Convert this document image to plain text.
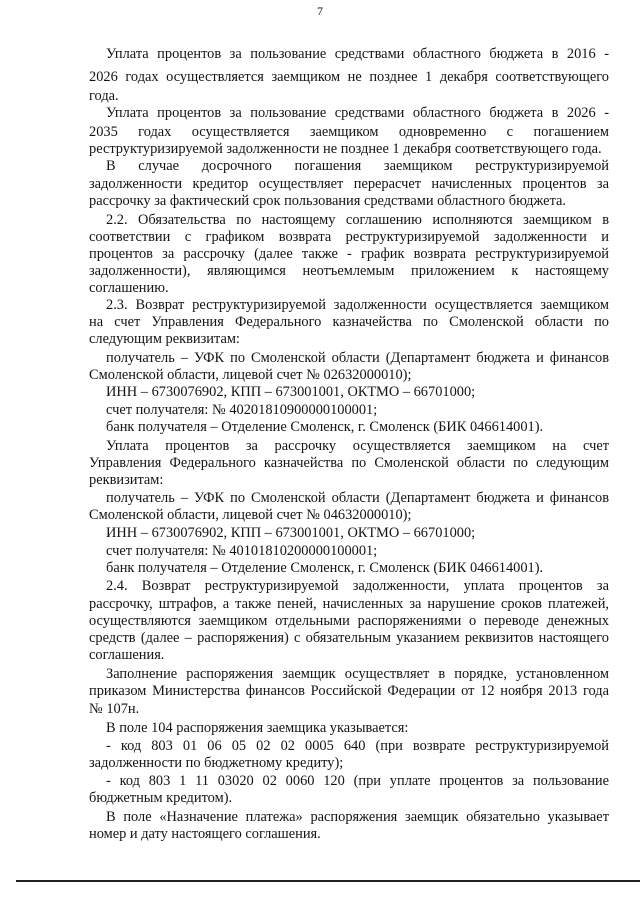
7
Уплата процентов за пользование средствами областного бюджета в 2016 -
2026 годах осуществляется заемщиком не позднее 1 декабря соответствующего
года.
Уплата процентов за пользование средствами областного бюджета в 2026 -
2035 годах осуществляется заемщиком одновременно с погашением
реструктуризируемой задолженности не позднее 1 декабря соответствующего года.
В случае досрочного погашения заемщиком реструктуризируемой
задолженности кредитор осуществляет перерасчет начисленных процентов за
рассрочку за фактический срок пользования средствами областного бюджета.
2.2. Обязательства по настоящему соглашению исполняются заемщиком в
соответствии с графиком возврата реструктуризируемой задолженности и
процентов за рассрочку (далее также - график возврата реструктуризируемой
задолженности), являющимся неотъемлемым приложением к настоящему
соглашению.
2.3. Возврат реструктуризируемой задолженности осуществляется заемщиком
на счет Управления Федерального казначейства по Смоленской области по
следующим реквизитам:
получатель – УФК по Смоленской области (Департамент бюджета и финансов
Смоленской области, лицевой счет № 02632000010);
ИНН – 6730076902, КПП – 673001001, ОКТМО – 66701000;
счет получателя: № 40201810900000100001;
банк получателя – Отделение Смоленск, г. Смоленск (БИК 046614001).
Уплата процентов за рассрочку осуществляется заемщиком на счет
Управления Федерального казначейства по Смоленской области по следующим
реквизитам:
получатель – УФК по Смоленской области (Департамент бюджета и финансов
Смоленской области, лицевой счет № 04632000010);
ИНН – 6730076902, КПП – 673001001, ОКТМО – 66701000;
счет получателя: № 40101810200000100001;
банк получателя – Отделение Смоленск, г. Смоленск (БИК 046614001).
2.4. Возврат реструктуризируемой задолженности, уплата процентов за
рассрочку, штрафов, а также пеней, начисленных за нарушение сроков платежей,
осуществляются заемщиком отдельными распоряжениями о переводе денежных
средств (далее – распоряжения) с обязательным указанием реквизитов настоящего
соглашения.
Заполнение распоряжения заемщик осуществляет в порядке, установленном
приказом Министерства финансов Российской Федерации от 12 ноября 2013 года
№ 107н.
В поле 104 распоряжения заемщика указывается:
- код 803 01 06 05 02 02 0005 640 (при возврате реструктуризируемой
задолженности по бюджетному кредиту);
- код 803 1 11 03020 02 0060 120 (при уплате процентов за пользование
бюджетным кредитом).
В поле «Назначение платежа» распоряжения заемщик обязательно указывает
номер и дату настоящего соглашения.
